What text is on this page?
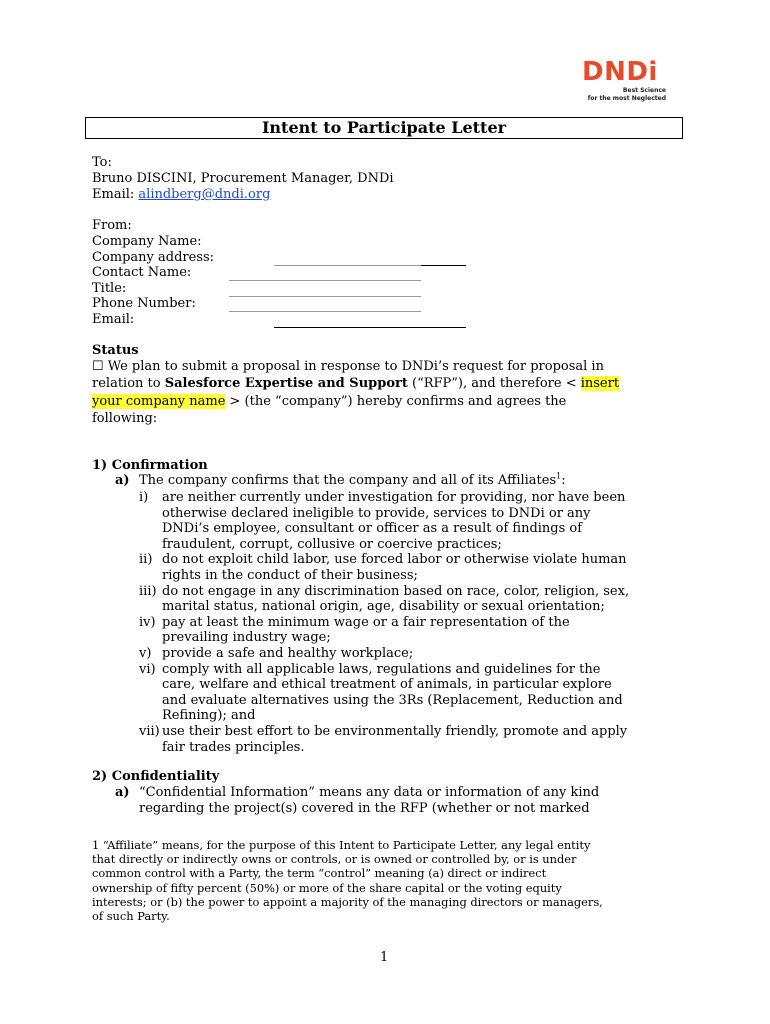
DNDi
Best Science
for the most Neglected
Intent to Participate Letter
To:
Bruno DISCINI, Procurement Manager, DNDi
Email: alindberg@dndi.org
From:
Company Name:
Company address:
Contact Name:
Title:
Phone Number:
Email:
Status
☐ We plan to submit a proposal in response to DNDi’s request for proposal in
relation to Salesforce Expertise and Support (“RFP”), and therefore < insert
your company name > (the “company”) hereby confirms and agrees the
following:
1) Confirmation
a) The company confirms that the company and all of its Affiliates$^1$:
i) are neither currently under investigation for providing, nor have been
otherwise declared ineligible to provide, services to DNDi or any
DNDi’s employee, consultant or officer as a result of findings of
fraudulent, corrupt, collusive or coercive practices;
ii) do not exploit child labor, use forced labor or otherwise violate human
rights in the conduct of their business;
iii) do not engage in any discrimination based on race, color, religion, sex,
marital status, national origin, age, disability or sexual orientation;
iv) pay at least the minimum wage or a fair representation of the
prevailing industry wage;
v) provide a safe and healthy workplace;
vi) comply with all applicable laws, regulations and guidelines for the
care, welfare and ethical treatment of animals, in particular explore
and evaluate alternatives using the 3Rs (Replacement, Reduction and
Refining); and
vii) use their best effort to be environmentally friendly, promote and apply
fair trades principles.
2) Confidentiality
a) “Confidential Information” means any data or information of any kind
regarding the project(s) covered in the RFP (whether or not marked
1 “Affiliate” means, for the purpose of this Intent to Participate Letter, any legal entity
that directly or indirectly owns or controls, or is owned or controlled by, or is under
common control with a Party, the term “control” meaning (a) direct or indirect
ownership of fifty percent (50%) or more of the share capital or the voting equity
interests; or (b) the power to appoint a majority of the managing directors or managers,
of such Party.
1
